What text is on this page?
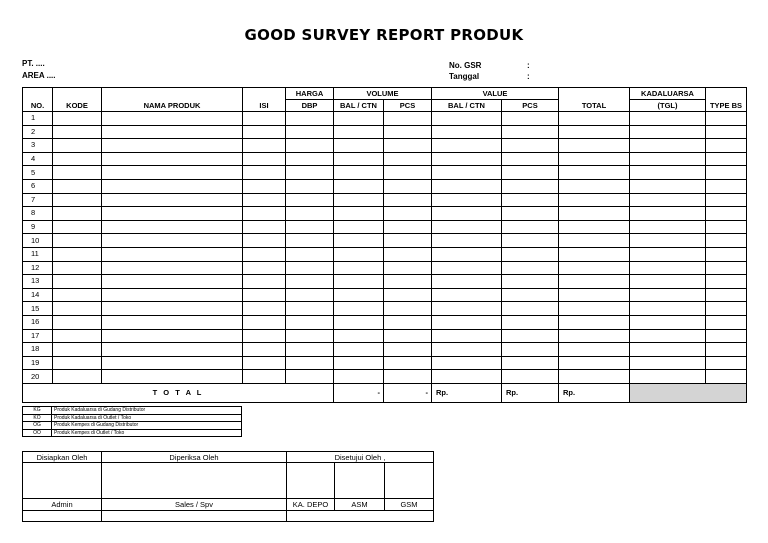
GOOD SURVEY REPORT PRODUK
PT. ....
AREA ....
No. GSR	:
Tanggal	:
NO.	KODE	NAMA PRODUK	ISI	HARGA	VOLUME		VALUE		TOTAL	KADALUARSA	TYPE BS
				DBP	BAL / CTN	PCS	BAL / CTN	PCS		(TGL)	
1											
2											
3											
4											
5											
6											
7											
8											
9											
10											
11											
12											
13											
14											
15											
16											
17											
18											
19											
20											
T O T A L					-	-	Rp.	Rp.	Rp.		
KG	Produk Kadaluarsa di Gudang Distributor
KO	Produk Kadaluarsa di Outlet / Toko
OG	Produk Kempes di Gudang Distributor
OO	Produk Kempes di Outlet / Toko
Disiapkan Oleh	Diperiksa Oleh	Disetujui Oleh ,		

Admin	Sales / Spv	KA. DEPO	ASM	GSM
